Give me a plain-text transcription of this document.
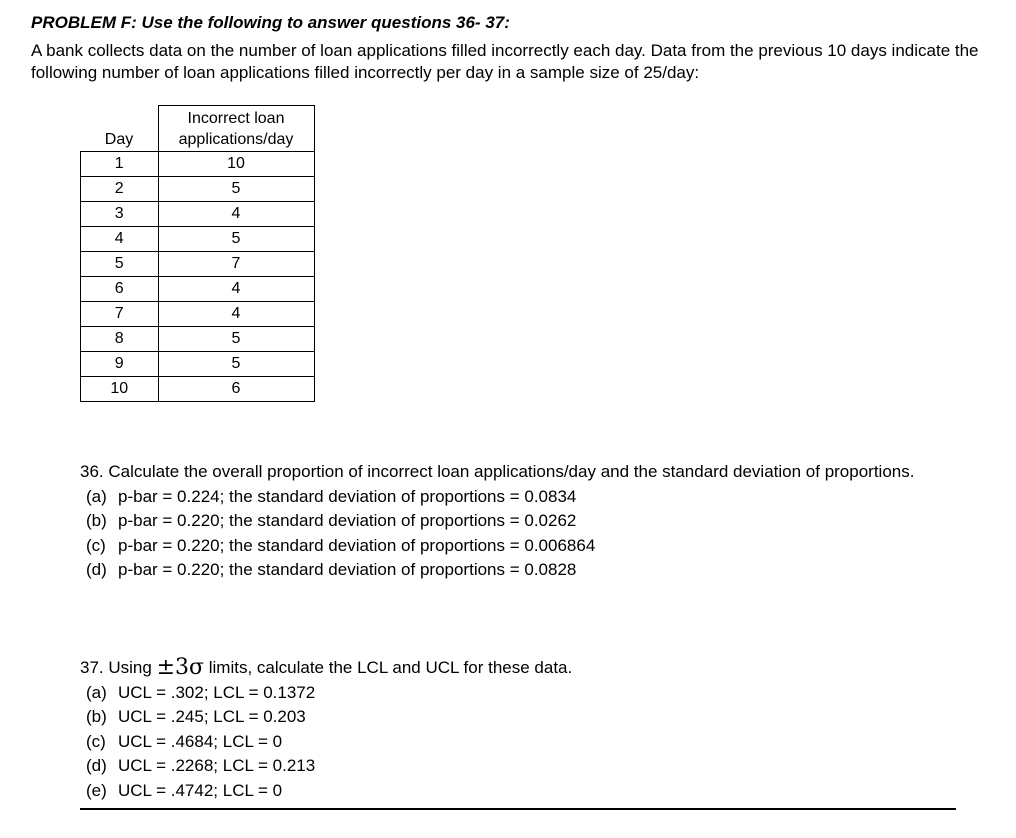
PROBLEM F: Use the following to answer questions 36- 37:

A bank collects data on the number of loan applications filled incorrectly each day. Data from the previous 10 days indicate the following number of loan applications filled incorrectly per day in a sample size of 25/day:

Day	Incorrect loan
applications/day

1	10
2	5
3	4
4	5
5	7
6	4
7	4
8	5
9	5
10	6
36. Calculate the overall proportion of incorrect loan applications/day and the standard deviation of proportions.
(a) p-bar = 0.224; the standard deviation of proportions = 0.0834
(b) p-bar = 0.220; the standard deviation of proportions = 0.0262
(c) p-bar = 0.220; the standard deviation of proportions = 0.006864
(d) p-bar = 0.220; the standard deviation of proportions = 0.0828
37. Using ±3σ limits, calculate the LCL and UCL for these data.
(a) UCL = .302; LCL = 0.1372
(b) UCL = .245; LCL = 0.203
(c) UCL = .4684; LCL = 0
(d) UCL = .2268; LCL = 0.213
(e) UCL = .4742; LCL = 0
